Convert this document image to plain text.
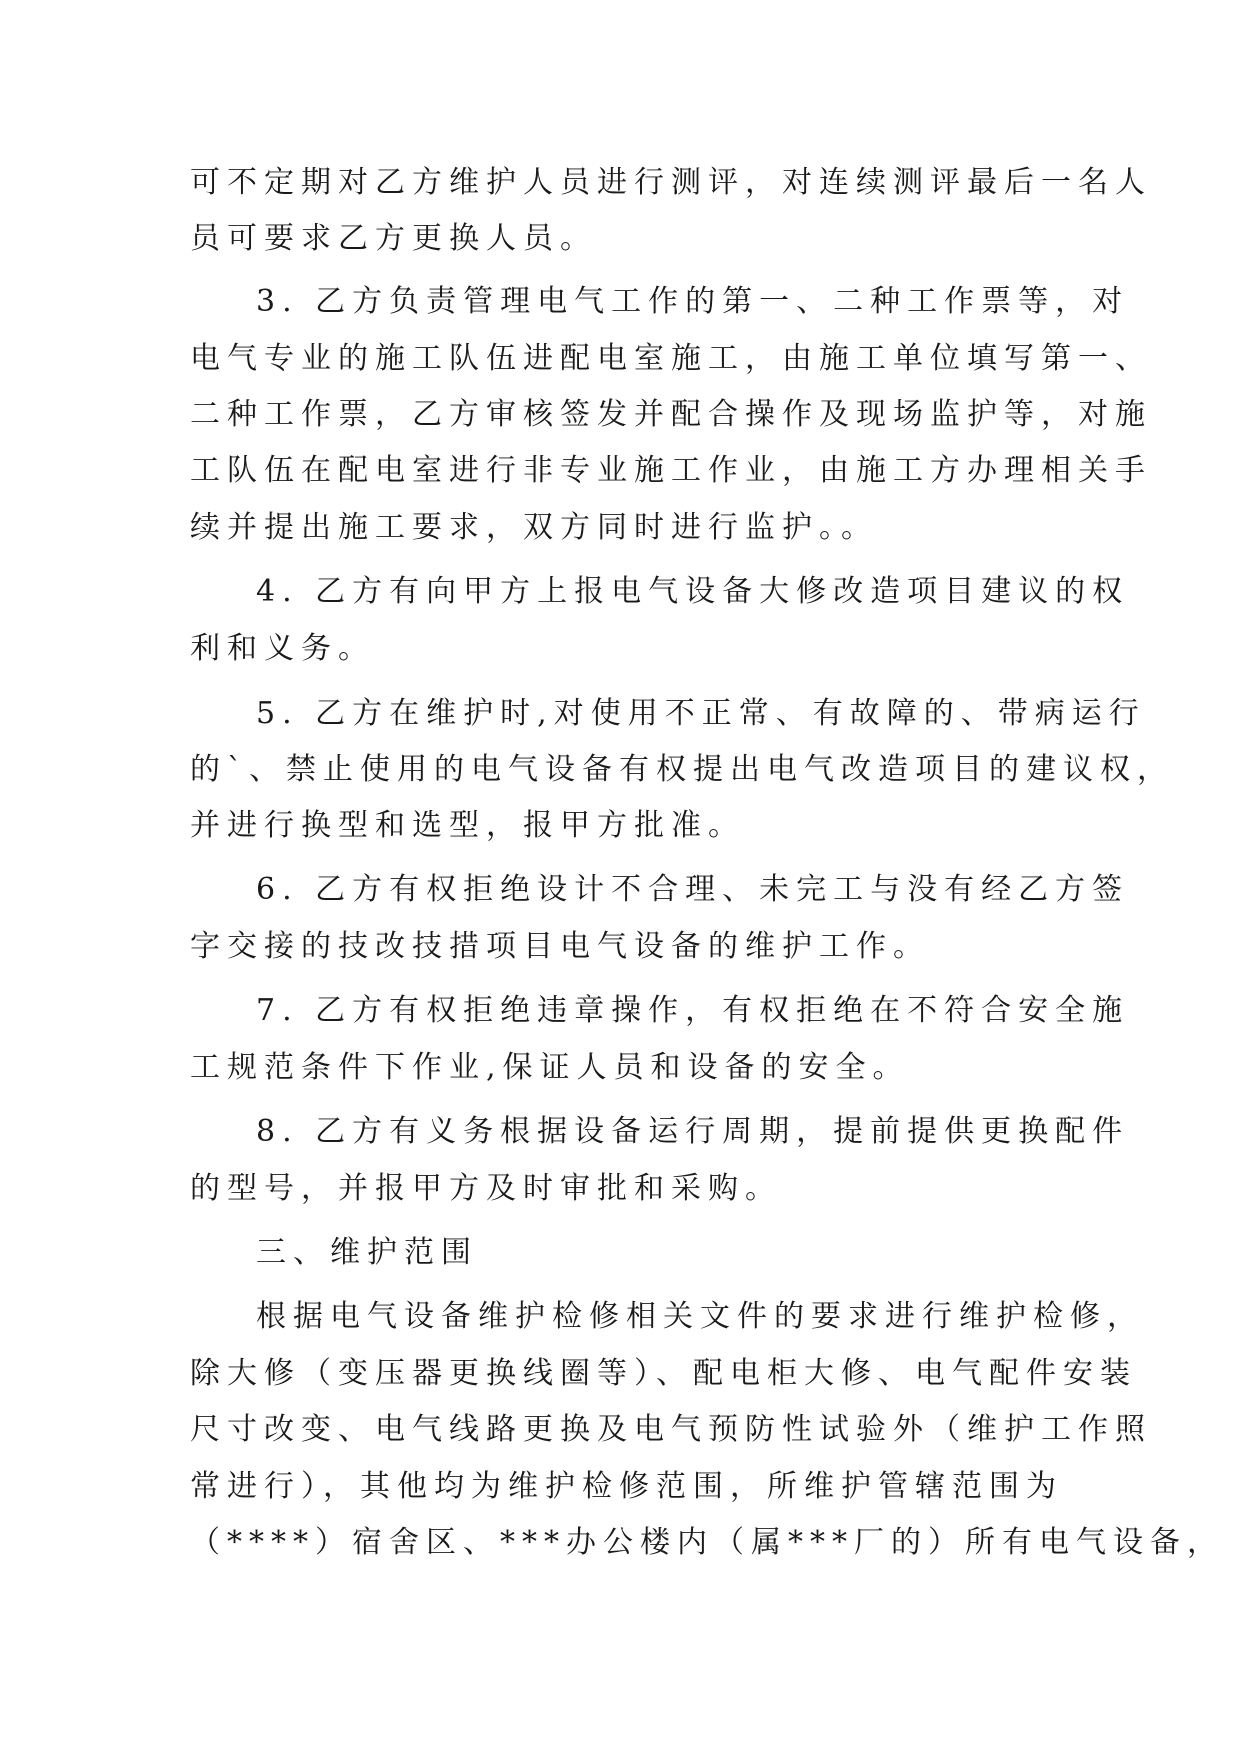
可不定期对乙方维护人员进行测评，对连续测评最后一名人
员可要求乙方更换人员。
3. 乙方负责管理电气工作的第一、二种工作票等，对
电气专业的施工队伍进配电室施工，由施工单位填写第一、
二种工作票，乙方审核签发并配合操作及现场监护等，对施
工队伍在配电室进行非专业施工作业，由施工方办理相关手
续并提出施工要求，双方同时进行监护。。
4. 乙方有向甲方上报电气设备大修改造项目建议的权
利和义务。
5. 乙方在维护时,对使用不正常、有故障的、带病运行
的`、禁止使用的电气设备有权提出电气改造项目的建议权，
并进行换型和选型，报甲方批准。
6. 乙方有权拒绝设计不合理、未完工与没有经乙方签
字交接的技改技措项目电气设备的维护工作。
7. 乙方有权拒绝违章操作，有权拒绝在不符合安全施
工规范条件下作业,保证人员和设备的安全。
8. 乙方有义务根据设备运行周期，提前提供更换配件
的型号，并报甲方及时审批和采购。
三、维护范围
根据电气设备维护检修相关文件的要求进行维护检修，
除大修（变压器更换线圈等）、配电柜大修、电气配件安装
尺寸改变、电气线路更换及电气预防性试验外（维护工作照
常进行），其他均为维护检修范围，所维护管辖范围为
（****）宿舍区、***办公楼内（属***厂的）所有电气设备，
